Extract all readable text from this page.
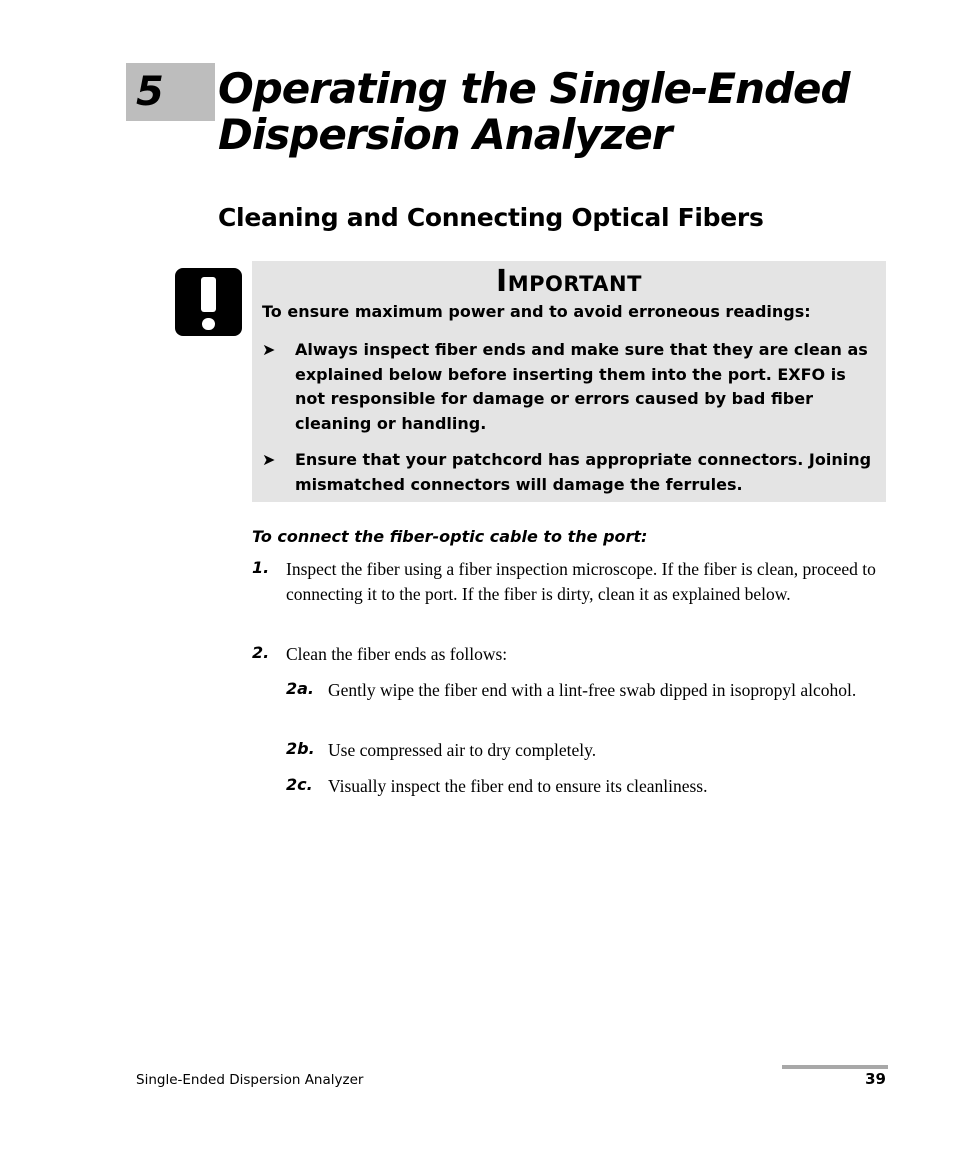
5 Operating the Single-Ended Dispersion Analyzer
Cleaning and Connecting Optical Fibers
Important
To ensure maximum power and to avoid erroneous readings:
➤ Always inspect fiber ends and make sure that they are clean as explained below before inserting them into the port. EXFO is not responsible for damage or errors caused by bad fiber cleaning or handling.
➤ Ensure that your patchcord has appropriate connectors. Joining mismatched connectors will damage the ferrules.
To connect the fiber-optic cable to the port:
1. Inspect the fiber using a fiber inspection microscope. If the fiber is clean, proceed to connecting it to the port. If the fiber is dirty, clean it as explained below.
2. Clean the fiber ends as follows:
2a. Gently wipe the fiber end with a lint-free swab dipped in isopropyl alcohol.
2b. Use compressed air to dry completely.
2c. Visually inspect the fiber end to ensure its cleanliness.
Single-Ended Dispersion Analyzer	39
